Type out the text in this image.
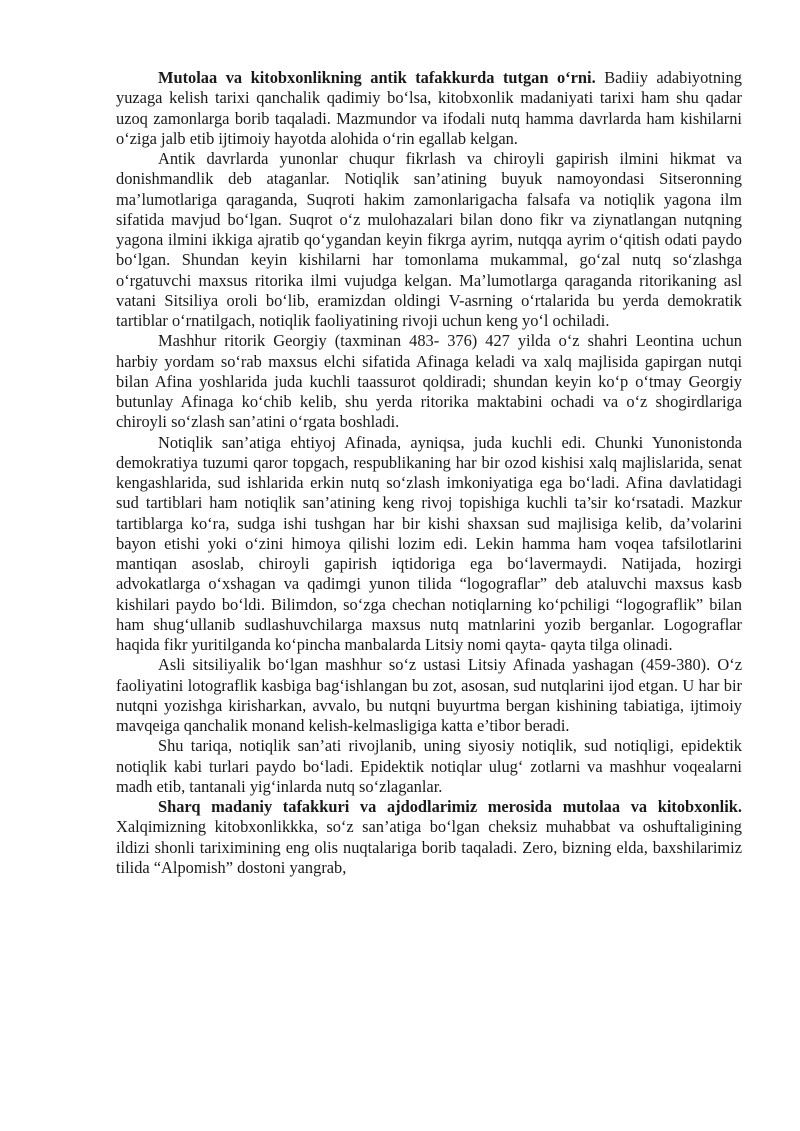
Mutolaa va kitobxonlikning antik tafakkurda tutgan o‘rni. Badiiy adabiyotning yuzaga kelish tarixi qanchalik qadimiy bo‘lsa, kitobxonlik madaniyati tarixi ham shu qadar uzoq zamonlarga borib taqaladi. Mazmundor va ifodali nutq hamma davrlarda ham kishilarni o‘ziga jalb etib ijtimoiy hayotda alohida o‘rin egallab kelgan.

Antik davrlarda yunonlar chuqur fikrlash va chiroyli gapirish ilmini hikmat va donishmandlik deb ataganlar. Notiqlik san’atining buyuk namoyondasi Sitseronning ma’lumotlariga qaraganda, Suqroti hakim zamonlarigacha falsafa va notiqlik yagona ilm sifatida mavjud bo‘lgan. Suqrot o‘z mulohazalari bilan dono fikr va ziynatlangan nutqning yagona ilmini ikkiga ajratib qo‘ygandan keyin fikrga ayrim, nutqqa ayrim o‘qitish odati paydo bo‘lgan. Shundan keyin kishilarni har tomonlama mukammal, go‘zal nutq so‘zlashga o‘rgatuvchi maxsus ritorika ilmi vujudga kelgan. Ma’lumotlarga qaraganda ritorikaning asl vatani Sitsiliya oroli bo‘lib, eramizdan oldingi V-asrning o‘rtalarida bu yerda demokratik tartiblar o‘rnatilgach, notiqlik faoliyatining rivoji uchun keng yo‘l ochiladi.

Mashhur ritorik Georgiy (taxminan 483- 376) 427 yilda o‘z shahri Leontina uchun harbiy yordam so‘rab maxsus elchi sifatida Afinaga keladi va xalq majlisida gapirgan nutqi bilan Afina yoshlarida juda kuchli taassurot qoldiradi; shundan keyin ko‘p o‘tmay Georgiy butunlay Afinaga ko‘chib kelib, shu yerda ritorika maktabini ochadi va o‘z shogirdlariga chiroyli so‘zlash san’atini o‘rgata boshladi.

Notiqlik san’atiga ehtiyoj Afinada, ayniqsa, juda kuchli edi. Chunki Yunonistonda demokratiya tuzumi qaror topgach, respublikaning har bir ozod kishisi xalq majlislarida, senat kengashlarida, sud ishlarida erkin nutq so‘zlash imkoniyatiga ega bo‘ladi. Afina davlatidagi sud tartiblari ham notiqlik san’atining keng rivoj topishiga kuchli ta’sir ko‘rsatadi. Mazkur tartiblarga ko‘ra, sudga ishi tushgan har bir kishi shaxsan sud majlisiga kelib, da’volarini bayon etishi yoki o‘zini himoya qilishi lozim edi. Lekin hamma ham voqea tafsilotlarini mantiqan asoslab, chiroyli gapirish iqtidoriga ega bo‘lavermaydi. Natijada, hozirgi advokatlarga o‘xshagan va qadimgi yunon tilida “logograflar” deb ataluvchi maxsus kasb kishilari paydo bo‘ldi. Bilimdon, so‘zga chechan notiqlarning ko‘pchiligi “logograflik” bilan ham shug‘ullanib sudlashuvchilarga maxsus nutq matnlarini yozib berganlar. Logograflar haqida fikr yuritilganda ko‘pincha manbalarda Litsiy nomi qayta- qayta tilga olinadi.

Asli sitsiliyalik bo‘lgan mashhur so‘z ustasi Litsiy Afinada yashagan (459-380). O‘z faoliyatini lotograflik kasbiga bag‘ishlangan bu zot, asosan, sud nutqlarini ijod etgan. U har bir nutqni yozishga kirisharkan, avvalo, bu nutqni buyurtma bergan kishining tabiatiga, ijtimoiy mavqeiga qanchalik monand kelish-kelmasligiga katta e’tibor beradi.

Shu tariqa, notiqlik san’ati rivojlanib, uning siyosiy notiqlik, sud notiqligi, epidektik notiqlik kabi turlari paydo bo‘ladi. Epidektik notiqlar ulug‘ zotlarni va mashhur voqealarni madh etib, tantanali yig‘inlarda nutq so‘zlaganlar.

Sharq madaniy tafakkuri va ajdodlarimiz merosida mutolaa va kitobxonlik. Xalqimizning kitobxonlikkka, so‘z san’atiga bo‘lgan cheksiz muhabbat va oshuftaligining ildizi shonli tariximining eng olis nuqtalariga borib taqaladi. Zero, bizning elda, baxshilarimiz tilida “Alpomish” dostoni yangrab,
